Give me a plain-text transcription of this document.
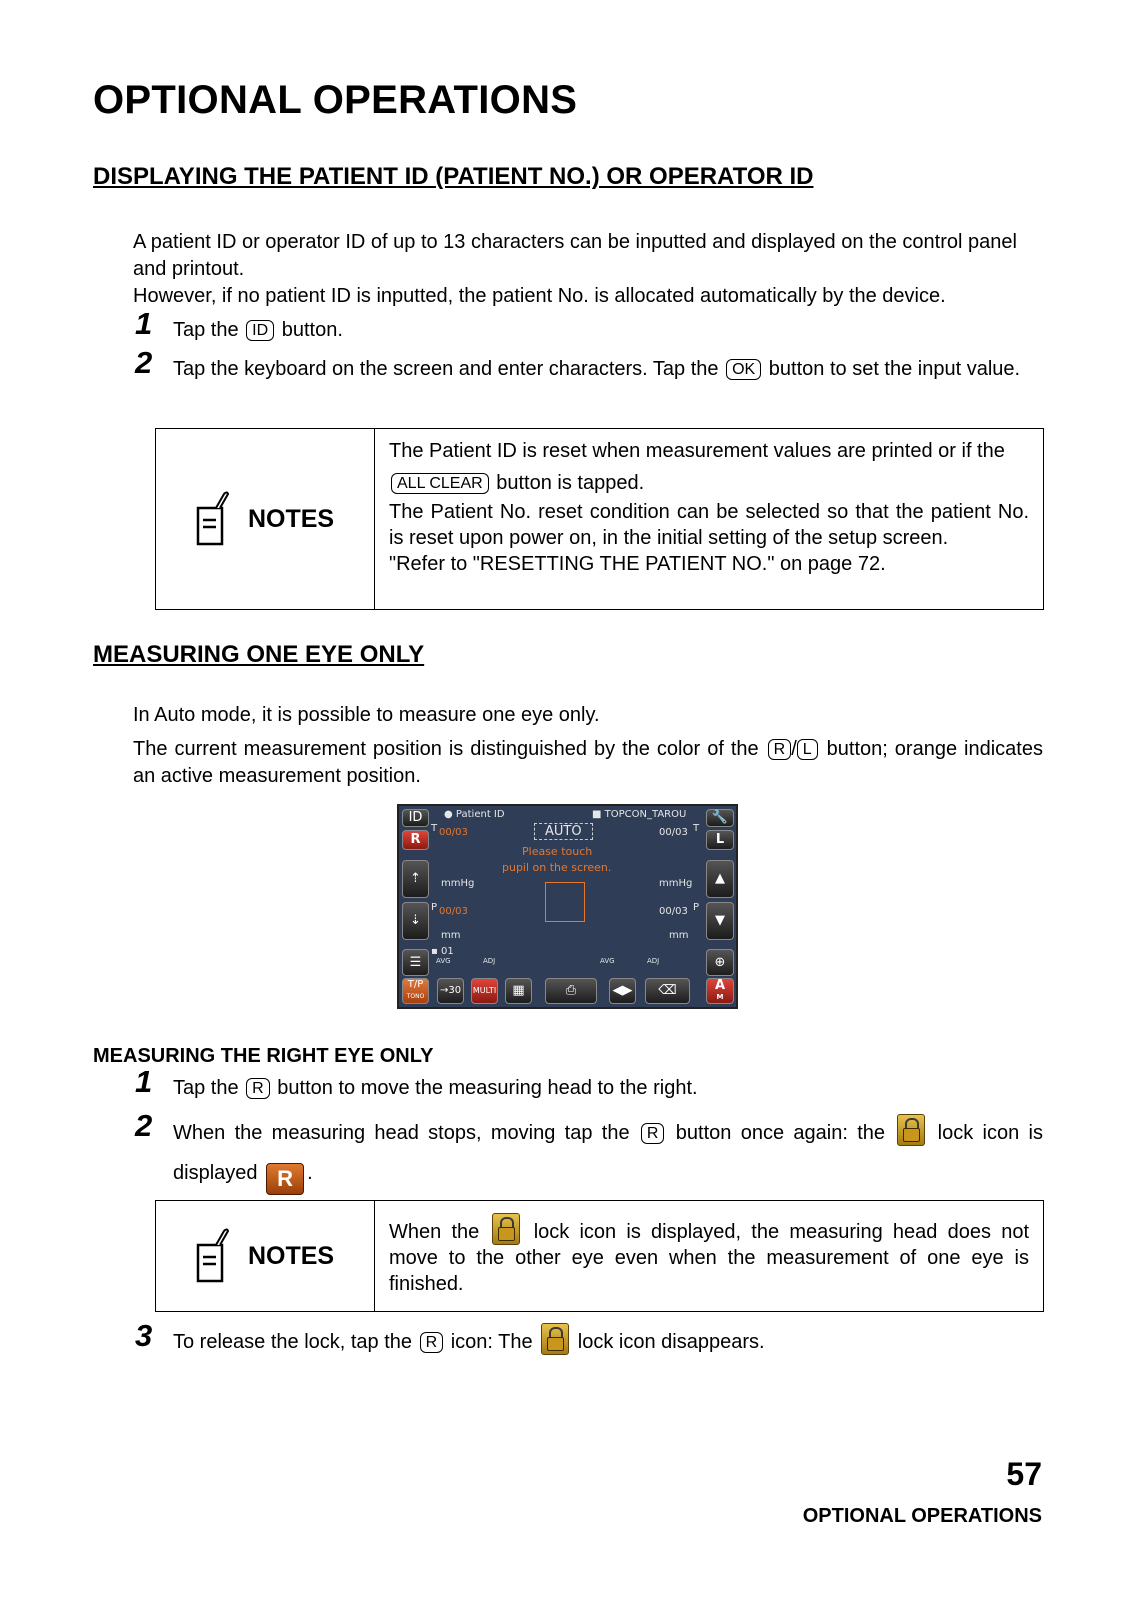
OPTIONAL OPERATIONS
DISPLAYING THE PATIENT ID (PATIENT NO.) OR OPERATOR ID
A patient ID or operator ID of up to 13 characters can be inputted and displayed on the control panel and printout.
However, if no patient ID is inputted, the patient No. is allocated automatically by the device.
1 Tap the ID button.
2 Tap the keyboard on the screen and enter characters. Tap the OK button to set the input value.
NOTES

The Patient ID is reset when measurement values are printed or if the ALL CLEAR button is tapped.

The Patient No. reset condition can be selected so that the patient No. is reset upon power on, in the initial setting of the setup screen.

"Refer to "RESETTING THE PATIENT NO." on page 72.

MEASURING ONE EYE ONLY
In Auto mode, it is possible to measure one eye only.
The current measurement position is distinguished by the color of the R / L button; orange indicates an active measurement position.
ID
R
⇡
⇣
☰
🔧
L
▲
▼
⊕
● Patient ID	■ TOPCON_TAROU
T 00/03	00/03 T
AUTO
Please touch
pupil on the screen.
mmHg	mmHg
P 00/03	00/03 P
mm	mm
▪ 01
AVG	ADJ	AVG	ADJ
T/P
TONO
→30	MULTI	▦	⎙	◀▶	⌫	A
M
MEASURING THE RIGHT EYE ONLY
1 Tap the R button to move the measuring head to the right.
2 When the measuring head stops, moving tap the R button once again: the	lock icon is displayed R .
NOTES

When the	lock icon is displayed, the measuring head does not move to the other eye even when the measurement of one eye is finished.

3 To release the lock, tap the R icon: The lock icon disappears.
57
OPTIONAL OPERATIONS
